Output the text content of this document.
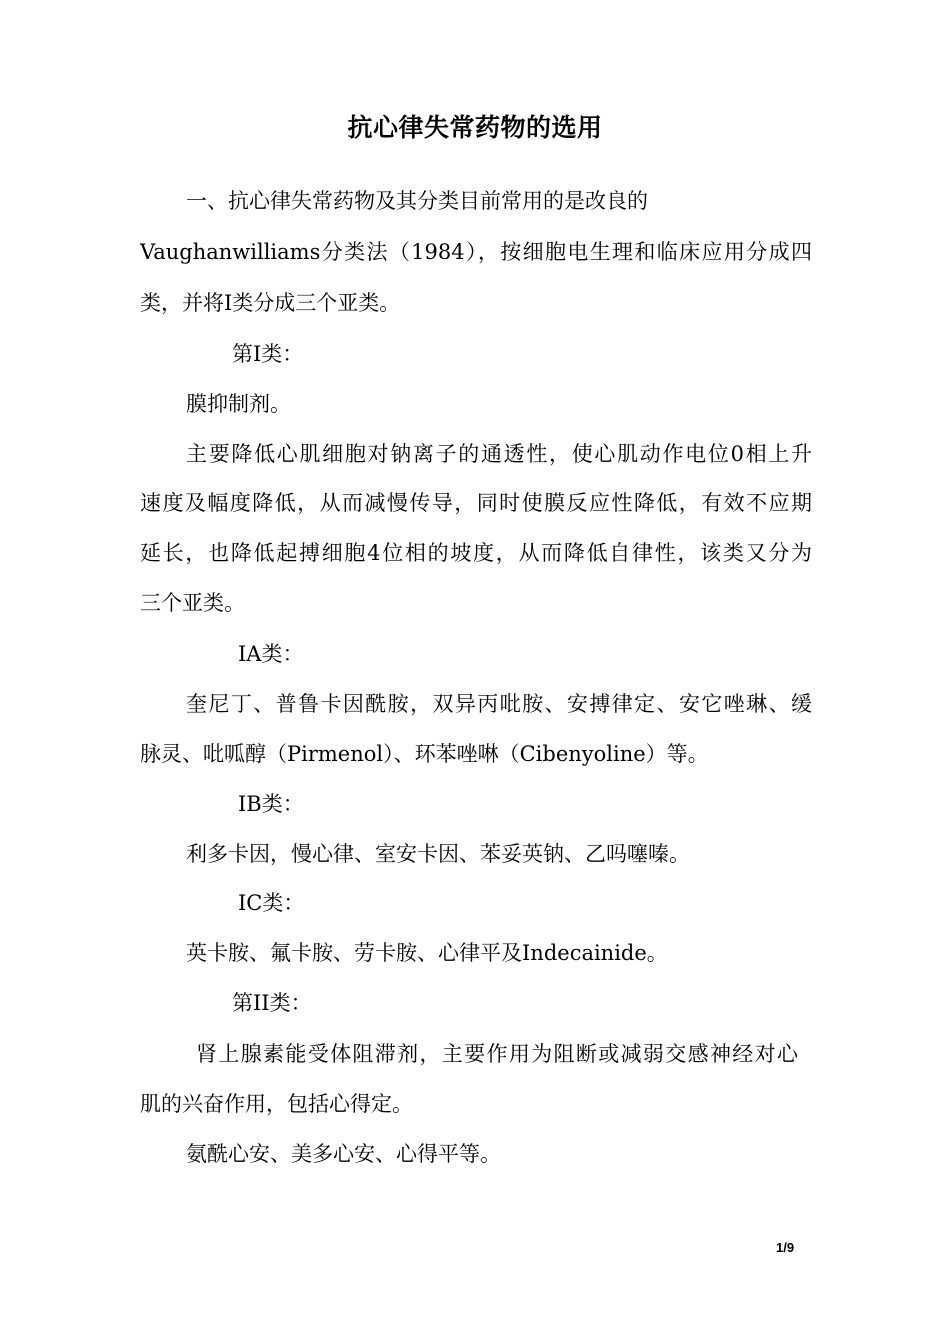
抗心律失常药物的选用
一、抗心律失常药物及其分类目前常用的是改良的
Vaughanwilliams分类法（1984），按细胞电生理和临床应用分成四
类，并将I类分成三个亚类。
第I类：
膜抑制剂。
主要降低心肌细胞对钠离子的通透性，使心肌动作电位0相上升
速度及幅度降低，从而减慢传导，同时使膜反应性降低，有效不应期
延长，也降低起搏细胞4位相的坡度，从而降低自律性，该类又分为
三个亚类。
IA类：
奎尼丁、普鲁卡因酰胺，双异丙吡胺、安搏律定、安它唑琳、缓
脉灵、吡呱醇（Pirmenol）、环苯唑啉（Cibenyoline）等。
IB类：
利多卡因，慢心律、室安卡因、苯妥英钠、乙吗噻嗪。
IC类：
英卡胺、氟卡胺、劳卡胺、心律平及Indecainide。
第II类：
肾上腺素能受体阻滞剂，主要作用为阻断或减弱交感神经对心
肌的兴奋作用，包括心得定。
氨酰心安、美多心安、心得平等。
1/9
